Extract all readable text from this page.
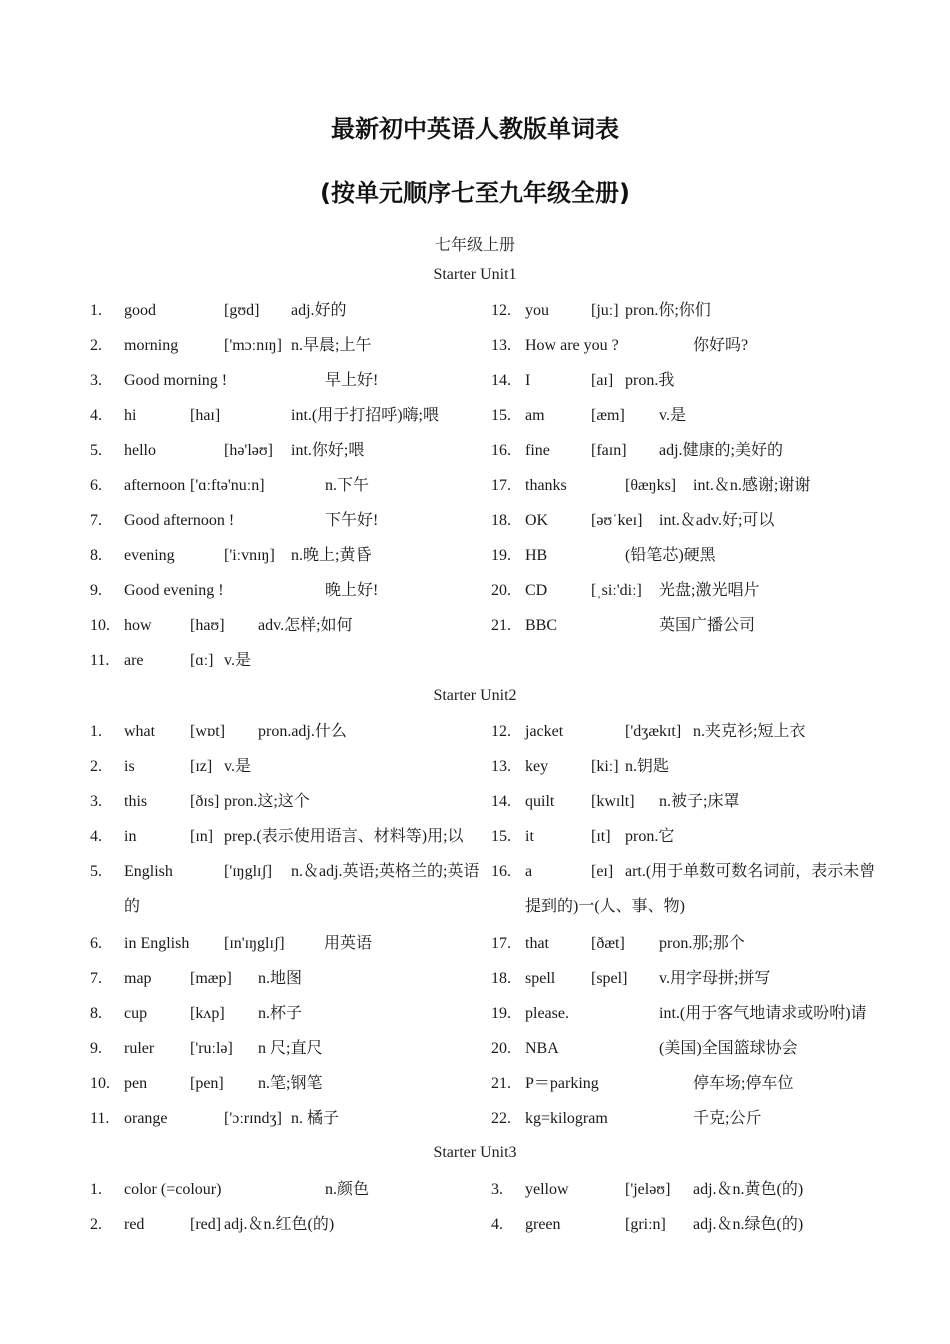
最新初中英语人教版单词表
(按单元顺序七至九年级全册)
七年级上册
Starter Unit1
1.	good	[gʊd] adj.好的
2.	morning	['mɔːnɪŋ] n.早晨;上午
3.	Good morning !	早上好!
4.	hi	[haɪ]	int.(用于打招呼)嗨;喂
5.	hello	[hə'ləʊ] int.你好;喂
6.	afternoon ['ɑːftə'nuːn]	n.下午
7.	Good afternoon !	下午好!
8.	evening	['iːvnɪŋ] n.晚上;黄昏
9.	Good evening !	晚上好!
10. how [haʊ] adv.怎样;如何
11. are	[ɑː] v.是
12. you	[juː] pron.你;你们
13. How are you ?	你好吗?
14. I	[aɪ] pron.我
15. am	[æm] v.是
16. fine	[faɪn] adj.健康的;美好的
17. thanks	[θæŋks] int.＆n.感谢;谢谢
18. OK	[əʊˈkeɪ] int.＆adv.好;可以
19. HB	(铅笔芯)硬黑
20. CD	[ˌsiː'diː] 光盘;激光唱片
21. BBC	英国广播公司
Starter Unit2
1.	what [wɒt] pron.adj.什么
2.	is	[ɪz] v.是
3.	this	[ðɪs] pron.这;这个
4.	in	[ɪn] prep.(表示使用语言、材料等)用;以
5.	English	['ɪŋglɪʃ] n.＆adj.英语;英格兰的;英语
的
6.	in English [ɪn'ɪŋglɪʃ] 用英语
7.	map [mæp] n.地图
8.	cup	[kʌp] n.杯子
9.	ruler ['ruːlə] n 尺;直尺
10. pen	[pen] n.笔;钢笔
11. orange	['ɔːrɪndʒ] n. 橘子
12. jacket	['dʒækɪt] n.夹克衫;短上衣
13. key	[kiː] n.钥匙
14. quilt [kwɪlt] n.被子;床罩
15. it	[ɪt] pron.它
16. a	[eɪ] art.(用于单数可数名词前，表示未曾
提到的)一(人、事、物)
17. that	[ðæt] pron.那;那个
18. spell [spel] v.用字母拼;拼写
19. please.	int.(用于客气地请求或吩咐)请
20. NBA	(美国)全国篮球协会
21. P＝parking	停车场;停车位
22. kg=kilogram	千克;公斤
Starter Unit3
1.	color (=colour)	n.颜色
2.	red	[red] adj.＆n.红色(的)
3.	yellow	['jeləʊ] adj.＆n.黄色(的)
4.	green	[griːn] adj.＆n.绿色(的)
